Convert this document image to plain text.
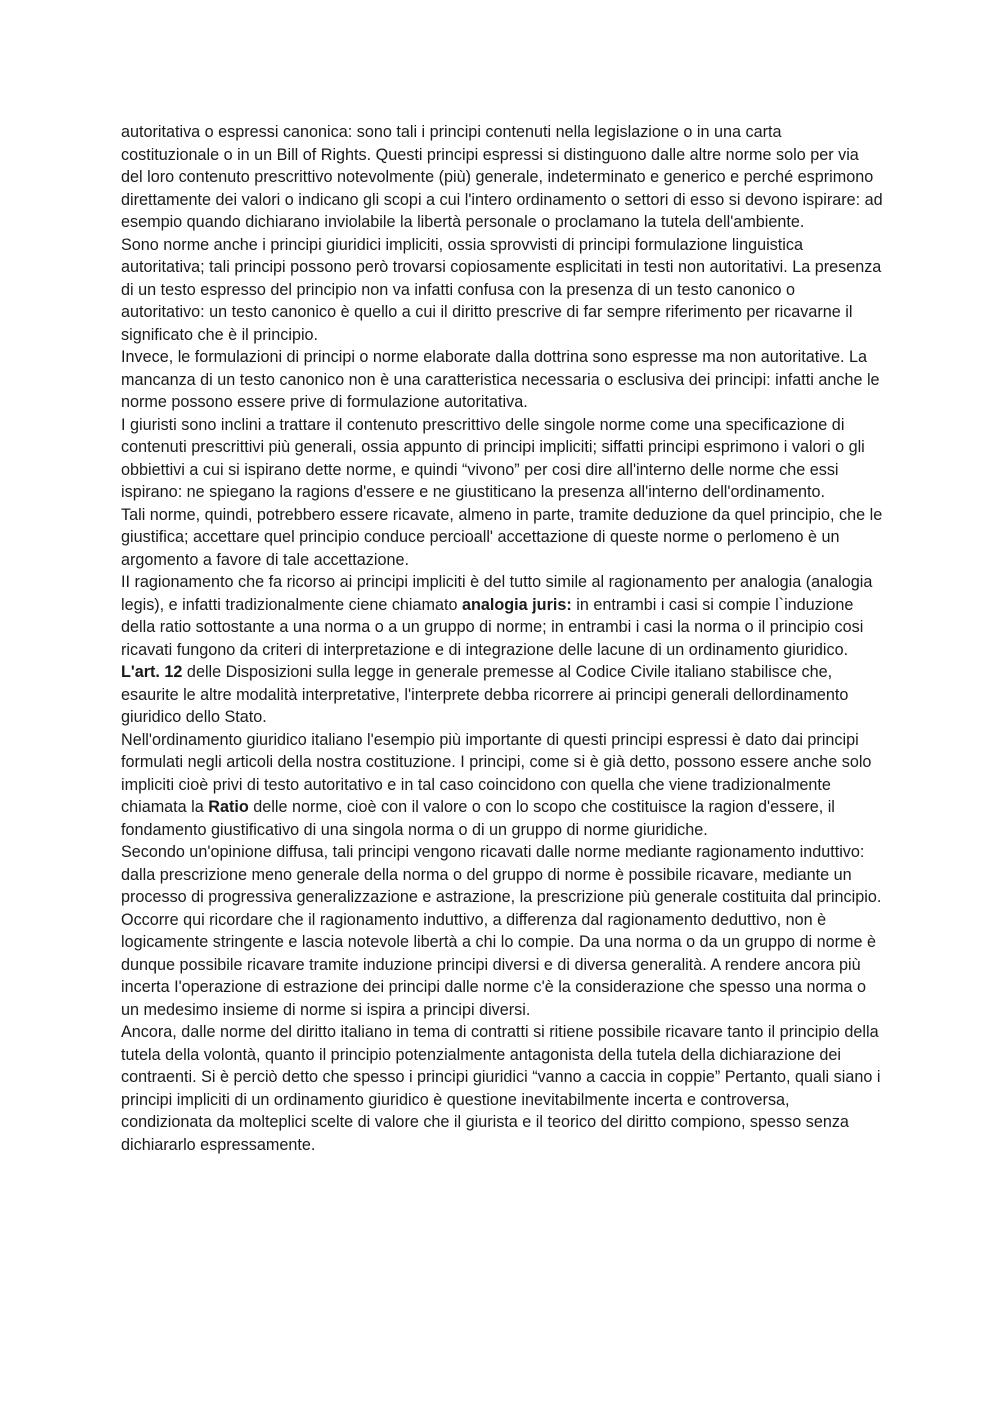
autoritativa o espressi canonica: sono tali i principi contenuti nella legislazione o in una carta costituzionale o in un Bill of Rights. Questi principi espressi si distinguono dalle altre norme solo per via del loro contenuto prescrittivo notevolmente (più) generale, indeterminato e generico e perché esprimono direttamente dei valori o indicano gli scopi a cui l'intero ordinamento o settori di esso si devono ispirare: ad esempio quando dichiarano inviolabile la libertà personale o proclamano la tutela dell'ambiente.

Sono norme anche i principi giuridici impliciti, ossia sprovvisti di principi formulazione linguistica autoritativa; tali principi possono però trovarsi copiosamente esplicitati in testi non autoritativi. La presenza di un testo espresso del principio non va infatti confusa con la presenza di un testo canonico o autoritativo: un testo canonico è quello a cui il diritto prescrive di far sempre riferimento per ricavarne il significato che è il principio.

Invece, le formulazioni di principi o norme elaborate dalla dottrina sono espresse ma non autoritative. La mancanza di un testo canonico non è una caratteristica necessaria o esclusiva dei principi: infatti anche le norme possono essere prive di formulazione autoritativa.

I giuristi sono inclini a trattare il contenuto prescrittivo delle singole norme come una specificazione di contenuti prescrittivi più generali, ossia appunto di principi impliciti; siffatti principi esprimono i valori o gli obbiettivi a cui si ispirano dette norme, e quindi “vivono” per cosi dire all'interno delle norme che essi ispirano: ne spiegano la ragions d'essere e ne giustiticano la presenza all'interno dell'ordinamento.

Tali norme, quindi, potrebbero essere ricavate, almeno in parte, tramite deduzione da quel principio, che le giustifica; accettare quel principio conduce percioall' accettazione di queste norme o perlomeno è un argomento a favore di tale accettazione.

II ragionamento che fa ricorso ai principi impliciti è del tutto simile al ragionamento per analogia (analogia legis), e infatti tradizionalmente ciene chiamato analogia juris: in entrambi i casi si compie l`induzione della ratio sottostante a una norma o a un gruppo di norme; in entrambi i casi la norma o il principio cosi ricavati fungono da criteri di interpretazione e di integrazione delle lacune di un ordinamento giuridico.

L'art. 12 delle Disposizioni sulla legge in generale premesse al Codice Civile italiano stabilisce che, esaurite le altre modalità interpretative, l'interprete debba ricorrere ai principi generali dellordinamento giuridico dello Stato.

Nell'ordinamento giuridico italiano l'esempio più importante di questi principi espressi è dato dai principi formulati negli articoli della nostra costituzione. I principi, come si è già detto, possono essere anche solo impliciti cioè privi di testo autoritativo e in tal caso coincidono con quella che viene tradizionalmente chiamata la Ratio delle norme, cioè con il valore o con lo scopo che costituisce la ragion d'essere, il fondamento giustificativo di una singola norma o di un gruppo di norme giuridiche.

Secondo un'opinione diffusa, tali principi vengono ricavati dalle norme mediante ragionamento induttivo: dalla prescrizione meno generale della norma o del gruppo di norme è possibile ricavare, mediante un processo di progressiva generalizzazione e astrazione, la prescrizione più generale costituita dal principio. Occorre qui ricordare che il ragionamento induttivo, a differenza dal ragionamento deduttivo, non è logicamente stringente e lascia notevole libertà a chi lo compie. Da una norma o da un gruppo di norme è dunque possibile ricavare tramite induzione principi diversi e di diversa generalità. A rendere ancora più incerta I'operazione di estrazione dei principi dalle norme c'è la considerazione che spesso una norma o un medesimo insieme di norme si ispira a principi diversi.

Ancora, dalle norme del diritto italiano in tema di contratti si ritiene possibile ricavare tanto il principio della tutela della volontà, quanto il principio potenzialmente antagonista della tutela della dichiarazione dei contraenti. Si è perciò detto che spesso i principi giuridici “vanno a caccia in coppie” Pertanto, quali siano i principi impliciti di un ordinamento giuridico è questione inevitabilmente incerta e controversa, condizionata da molteplici scelte di valore che il giurista e il teorico del diritto compiono, spesso senza dichiararlo espressamente.
